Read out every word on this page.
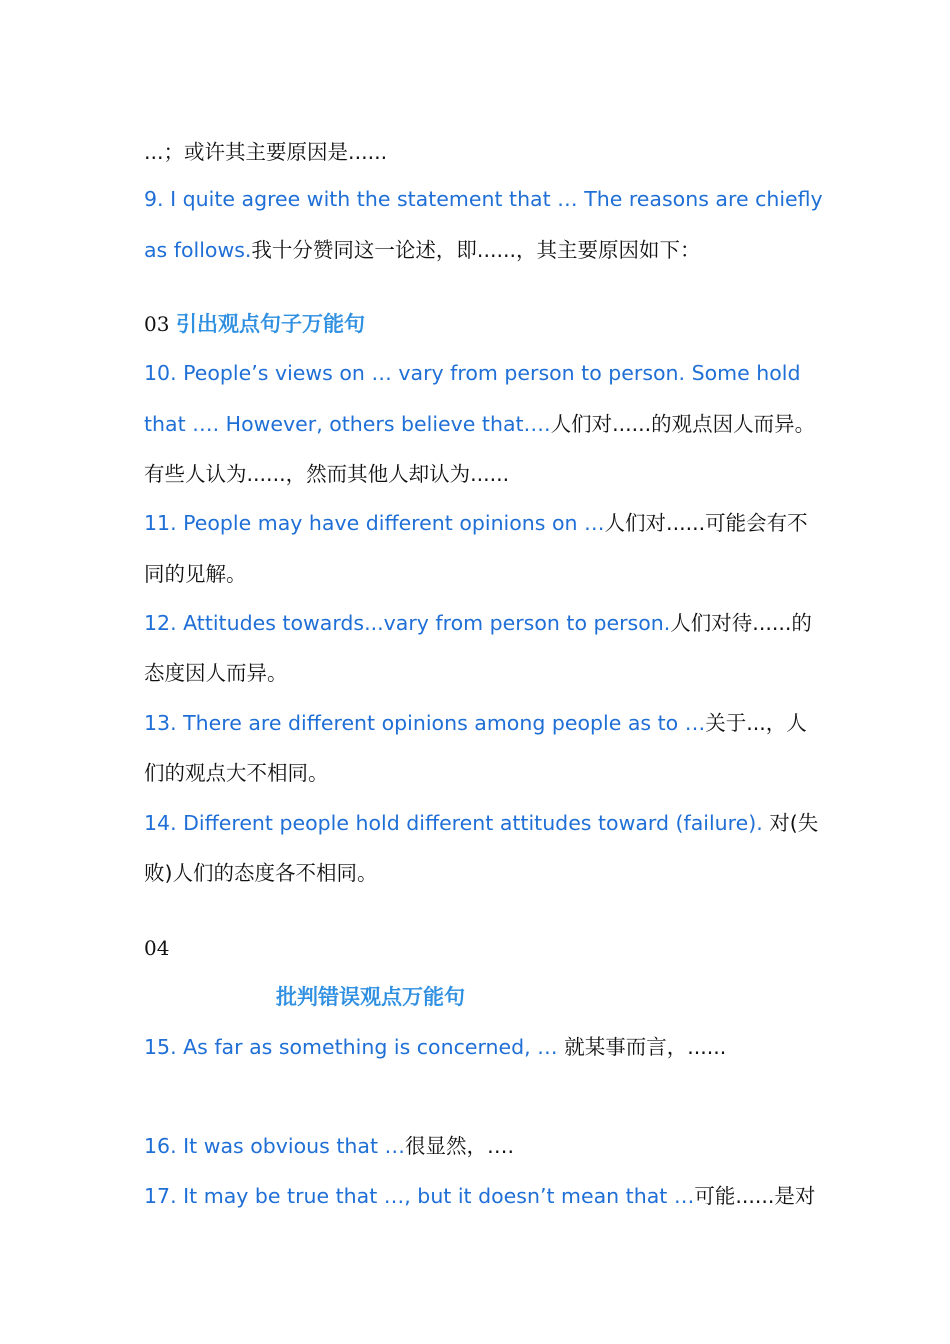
...；或许其主要原因是......
9. I quite agree with the statement that … The reasons are chiefly
as follows.我十分赞同这一论述，即......，其主要原因如下：
03 引出观点句子万能句
10. People’s views on … vary from person to person. Some hold
that …. However, others believe that….人们对......的观点因人而异。
有些人认为......，然而其他人却认为......
11. People may have different opinions on …人们对......可能会有不
同的见解。
12. Attitudes towards...vary from person to person.人们对待......的
态度因人而异。
13. There are different opinions among people as to …关于...，人
们的观点大不相同。
14. Different people hold different attitudes toward (failure). 对(失
败)人们的态度各不相同。
04
批判错误观点万能句
15. As far as something is concerned, … 就某事而言，......
16. It was obvious that …很显然，….
17. It may be true that …, but it doesn’t mean that …可能......是对
